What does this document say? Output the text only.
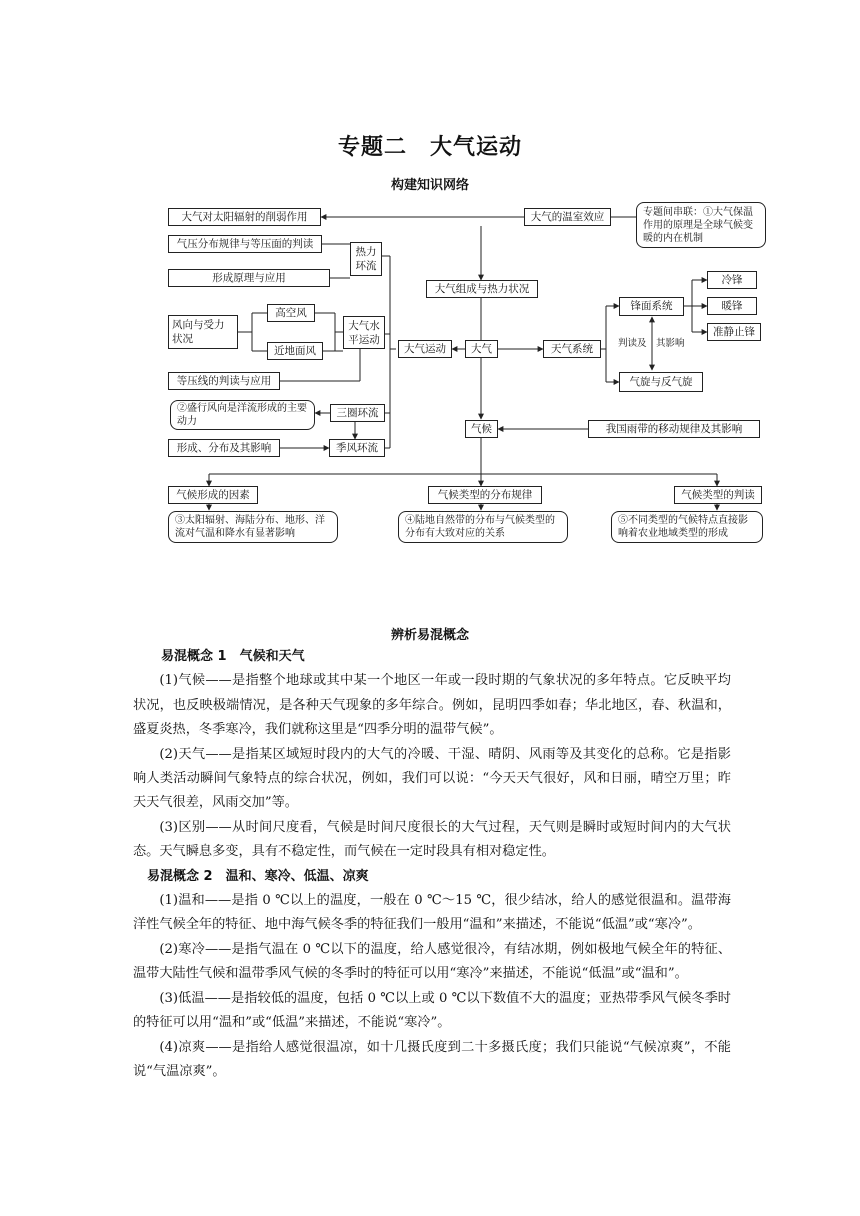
专题二　大气运动
构建知识网络
大气对太阳辐射的削弱作用	大气的温室效应	专题间串联：①大气保温作用的原理是全球气候变暖的内在机制
气压分布规律与等压面的判读
热力环流
形成原理与应用
大气组成与热力状况
冷锋
锋面系统	暖锋
准静止锋
风向与受力状况
高空风
近地面风
大气水平运动
大气运动	大气	天气系统	判读及 其影响
气旋与反气旋
等压线的判读与应用
②盛行风向是洋流形成的主要动力
三圈环流
气候	我国雨带的移动规律及其影响
形成、分布及其影响	季风环流
气候形成的因素	气候类型的分布规律	气候类型的判读
③太阳辐射、海陆分布、地形、洋流对气温和降水有显著影响
④陆地自然带的分布与气候类型的分布有大致对应的关系
⑤不同类型的气候特点直接影响着农业地域类型的形成
辨析易混概念
易混概念 1　气候和天气

(1)气候——是指整个地球或其中某一个地区一年或一段时期的气象状况的多年特点。它反映平均状况，也反映极端情况，是各种天气现象的多年综合。例如，昆明四季如春；华北地区，春、秋温和，盛夏炎热，冬季寒冷，我们就称这里是“四季分明的温带气候”。

(2)天气——是指某区域短时段内的大气的冷暖、干湿、晴阴、风雨等及其变化的总称。它是指影响人类活动瞬间气象特点的综合状况，例如，我们可以说：“今天天气很好，风和日丽，晴空万里；昨天天气很差，风雨交加”等。

(3)区别——从时间尺度看，气候是时间尺度很长的大气过程，天气则是瞬时或短时间内的大气状态。天气瞬息多变，具有不稳定性，而气候在一定时段具有相对稳定性。

易混概念 2　温和、寒冷、低温、凉爽

(1)温和——是指 0 ℃以上的温度，一般在 0 ℃～15 ℃，很少结冰，给人的感觉很温和。温带海洋性气候全年的特征、地中海气候冬季的特征我们一般用“温和”来描述，不能说“低温”或“寒冷”。

(2)寒冷——是指气温在 0 ℃以下的温度，给人感觉很冷，有结冰期，例如极地气候全年的特征、温带大陆性气候和温带季风气候的冬季时的特征可以用“寒冷”来描述，不能说“低温”或“温和”。

(3)低温——是指较低的温度，包括 0 ℃以上或 0 ℃以下数值不大的温度；亚热带季风气候冬季时的特征可以用“温和”或“低温”来描述，不能说“寒冷”。

(4)凉爽——是指给人感觉很温凉，如十几摄氏度到二十多摄氏度；我们只能说“气候凉爽”，不能说“气温凉爽”。
